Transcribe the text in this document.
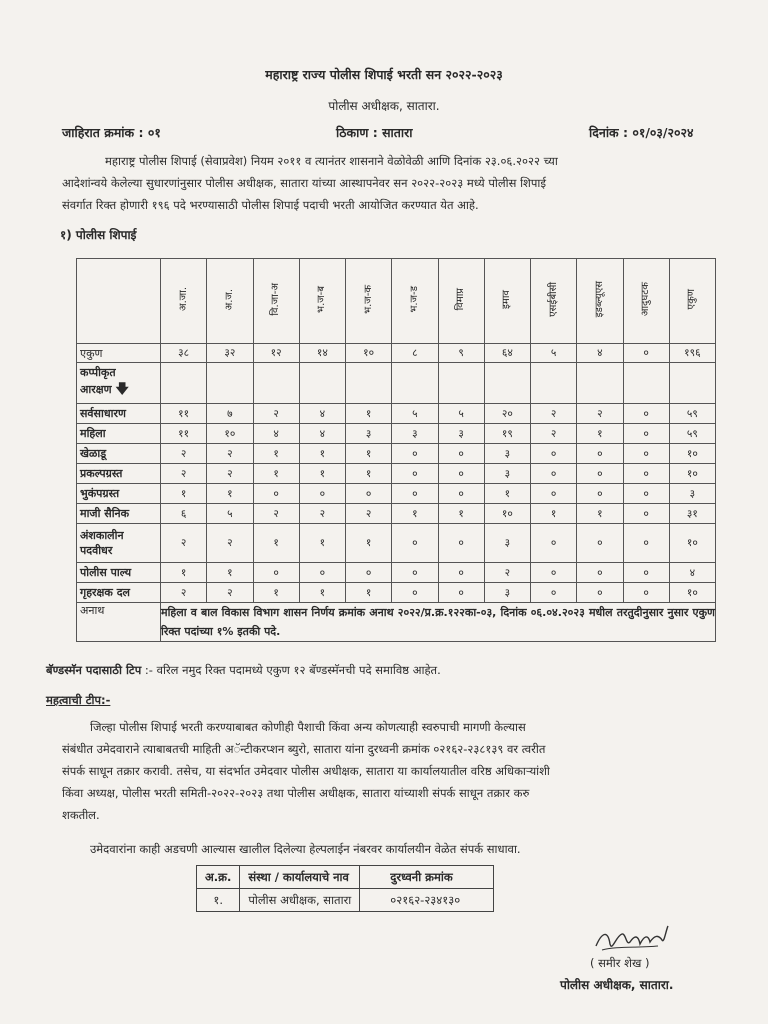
महाराष्ट्र राज्य पोलीस शिपाई भरती सन २०२२-२०२३
पोलीस अधीक्षक, सातारा.
जाहिरात क्रमांक : ०१	ठिकाण : सातारा	दिनांक : ०१/०३/२०२४
महाराष्ट्र पोलीस शिपाई (सेवाप्रवेश) नियम २०११ व त्यानंतर शासनाने वेळोवेळी आणि दिनांक २३.०६.२०२२ च्या
आदेशांन्वये केलेल्या सुधारणांनुसार पोलीस अधीक्षक, सातारा यांच्या आस्थापनेवर सन २०२२-२०२३ मध्ये पोलीस शिपाई
संवर्गात रिक्त होणारी १९६ पदे भरण्यासाठी पोलीस शिपाई पदाची भरती आयोजित करण्यात येत आहे.
१) पोलीस शिपाई
	अ.जा.	अ.ज.	वि.जा-अ	भ.ज-ब	भ.ज-क	भ.ज-ड	विमाप्र	इमाव	एसईबीसी	इडब्ल्यूएस	आदुघटक	एकुण
एकुण	३८	३२	१२	१४	१०	८	९	६४	५	४	०	१९६
कप्पीकृत
आरक्षण 🡇												
सर्वसाधारण	११	७	२	४	१	५	५	२०	२	२	०	५९
महिला	११	१०	४	४	३	३	३	१९	२	१	०	५९
खेळाडू	२	२	१	१	१	०	०	३	०	०	०	१०
प्रकल्पग्रस्त	२	२	१	१	१	०	०	३	०	०	०	१०
भुकंपग्रस्त	१	१	०	०	०	०	०	१	०	०	०	३
माजी सैनिक	६	५	२	२	२	१	१	१०	१	१	०	३१
अंशकालीन
पदवीधर	२	२	१	१	१	०	०	३	०	०	०	१०
पोलीस पाल्य	१	१	०	०	०	०	०	२	०	०	०	४
गृहरक्षक दल	२	२	१	१	१	०	०	३	०	०	०	१०
अनाथ	महिला व बाल विकास विभाग शासन निर्णय क्रमांक अनाथ २०२२/प्र.क्र.१२२का-०३, दिनांक ०६.०४.२०२३ मधील तरतुदीनुसार नुसार एकुण रिक्त पदांच्या १% इतकी पदे.											
बॅण्डस्मॅन पदासाठी टिप :- वरिल नमुद रिक्त पदामध्ये एकुण १२ बॅण्डस्मॅनची पदे समाविष्ठ आहेत.
महत्वाची टीप:-
जिल्हा पोलीस शिपाई भरती करण्याबाबत कोणीही पैशाची किंवा अन्य कोणत्याही स्वरुपाची मागणी केल्यास
संबंधीत उमेदवाराने त्याबाबतची माहिती अॅन्टीकरप्शन ब्युरो, सातारा यांना दुरध्वनी क्रमांक ०२१६२-२३८१३९ वर त्वरीत
संपर्क साधून तक्रार करावी. तसेच, या संदर्भात उमेदवार पोलीस अधीक्षक, सातारा या कार्यालयातील वरिष्ठ अधिकाऱ्यांशी
किंवा अध्यक्ष, पोलीस भरती समिती-२०२२-२०२३ तथा पोलीस अधीक्षक, सातारा यांच्याशी संपर्क साधून तक्रार करु
शकतील.
उमेदवारांना काही अडचणी आल्यास खालील दिलेल्या हेल्पलाईन नंबरवर कार्यालयीन वेळेत संपर्क साधावा.
अ.क्र.	संस्था / कार्यालयाचे नाव	दुरध्वनी क्रमांक
१.	पोलीस अधीक्षक, सातारा	०२१६२-२३४१३०
( समीर शेख )
पोलीस अधीक्षक, सातारा.
